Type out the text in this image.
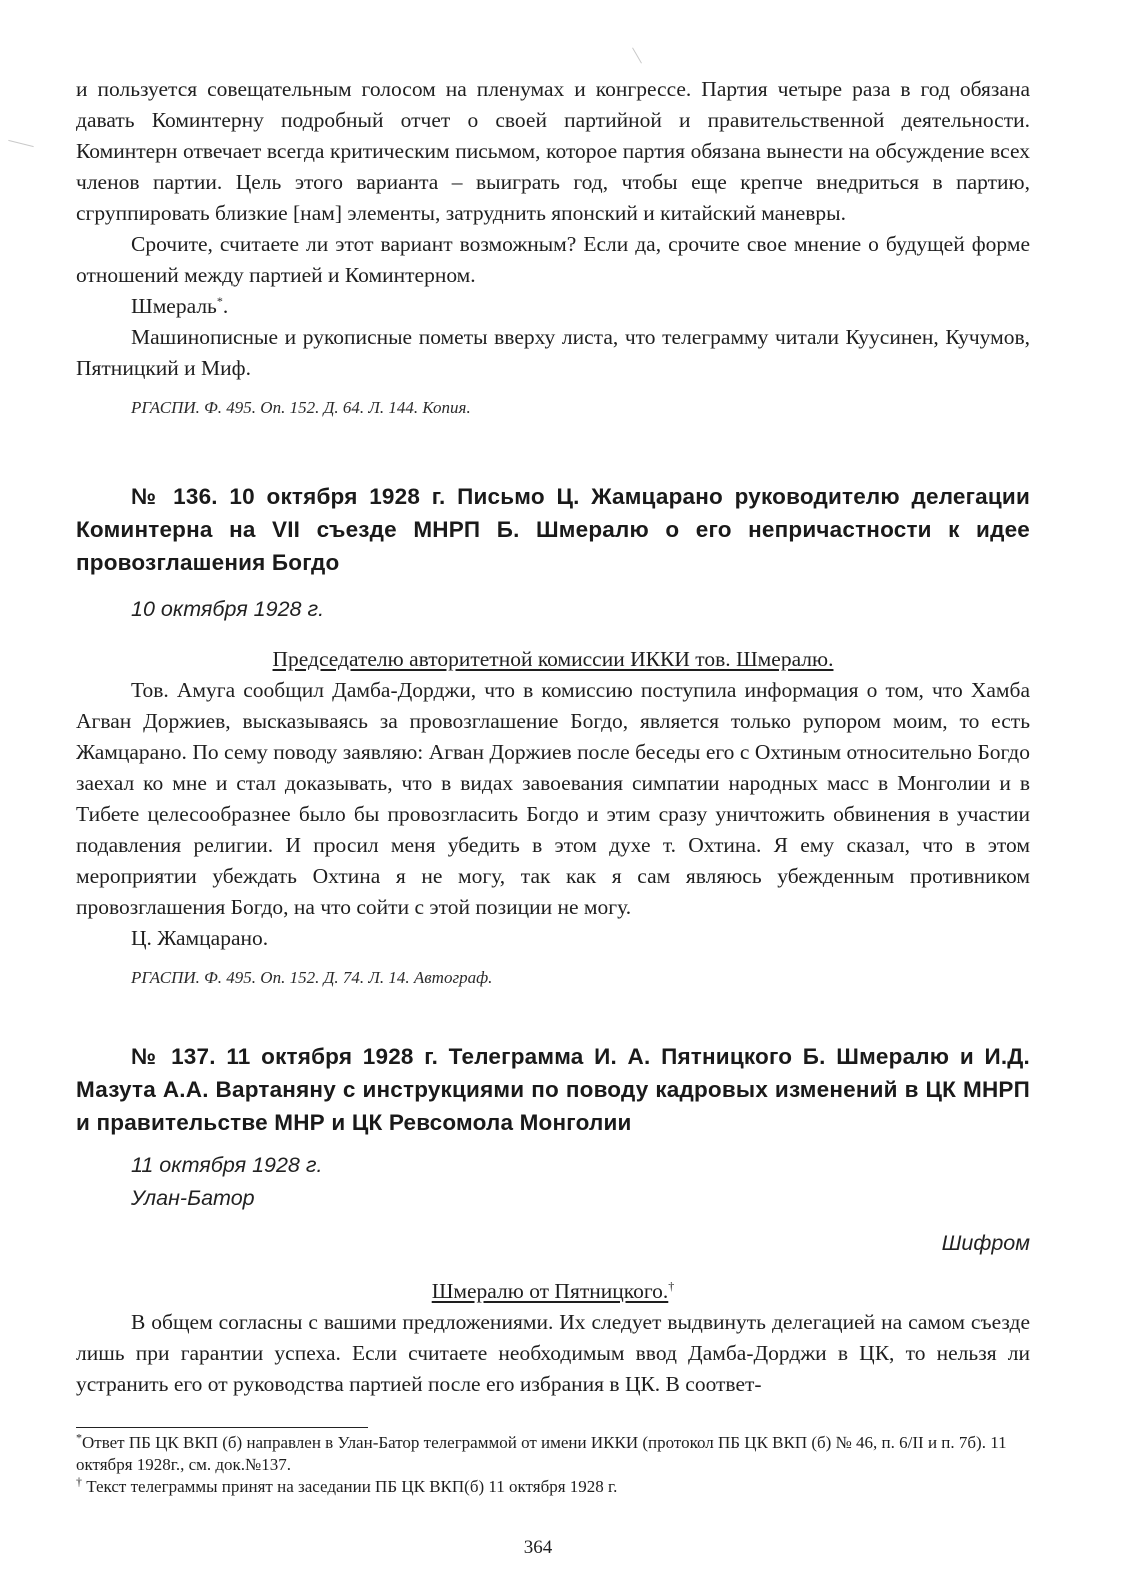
и пользуется совещательным голосом на пленумах и конгрессе. Партия четыре раза в год обязана давать Коминтерну подробный отчет о своей партийной и правительственной деятельности. Коминтерн отвечает всегда критическим письмом, которое партия обязана вынести на обсуждение всех членов партии. Цель этого варианта – выиграть год, чтобы еще крепче внедриться в партию, сгруппировать близкие [нам] элементы, затруднить японский и китайский маневры.

Срочите, считаете ли этот вариант возможным? Если да, срочите свое мнение о будущей форме отношений между партией и Коминтерном.

Шмераль*.

Машинописные и рукописные пометы вверху листа, что телеграмму читали Куусинен, Кучумов, Пятницкий и Миф.

РГАСПИ. Ф. 495. Оп. 152. Д. 64. Л. 144. Копия.

№ 136. 10 октября 1928 г. Письмо Ц. Жамцарано руководителю делегации Коминтерна на VII съезде МНРП Б. Шмералю о его непричастности к идее провозглашения Богдо

10 октября 1928 г.

Председателю авторитетной комиссии ИККИ тов. Шмералю.

Тов. Амуга сообщил Дамба-Дорджи, что в комиссию поступила информация о том, что Хамба Агван Доржиев, высказываясь за провозглашение Богдо, является только рупором моим, то есть Жамцарано. По сему поводу заявляю: Агван Доржиев после беседы его с Охтиным относительно Богдо заехал ко мне и стал доказывать, что в видах завоевания симпатии народных масс в Монголии и в Тибете целесообразнее было бы провозгласить Богдо и этим сразу уничтожить обвинения в участии подавления религии. И просил меня убедить в этом духе т. Охтина. Я ему сказал, что в этом мероприятии убеждать Охтина я не могу, так как я сам являюсь убежденным противником провозглашения Богдо, на что сойти с этой позиции не могу.

Ц. Жамцарано.

РГАСПИ. Ф. 495. Оп. 152. Д. 74. Л. 14. Автограф.

№ 137. 11 октября 1928 г. Телеграмма И. А. Пятницкого Б. Шмералю и И.Д. Мазута А.А. Вартаняну с инструкциями по поводу кадровых изменений в ЦК МНРП и правительстве МНР и ЦК Ревсомола Монголии

11 октября 1928 г.

Улан-Батор

Шифром

Шмералю от Пятницкого.†

В общем согласны с вашими предложениями. Их следует выдвинуть делегацией на самом съезде лишь при гарантии успеха. Если считаете необходимым ввод Дамба-Дорджи в ЦК, то нельзя ли устранить его от руководства партией после его избрания в ЦК. В соответ-

*Ответ ПБ ЦК ВКП (б) направлен в Улан-Батор телеграммой от имени ИККИ (протокол ПБ ЦК ВКП (б) № 46, п. 6/II и п. 7б). 11 октября 1928г., см. док.№137.

† Текст телеграммы принят на заседании ПБ ЦК ВКП(б) 11 октября 1928 г.

364
